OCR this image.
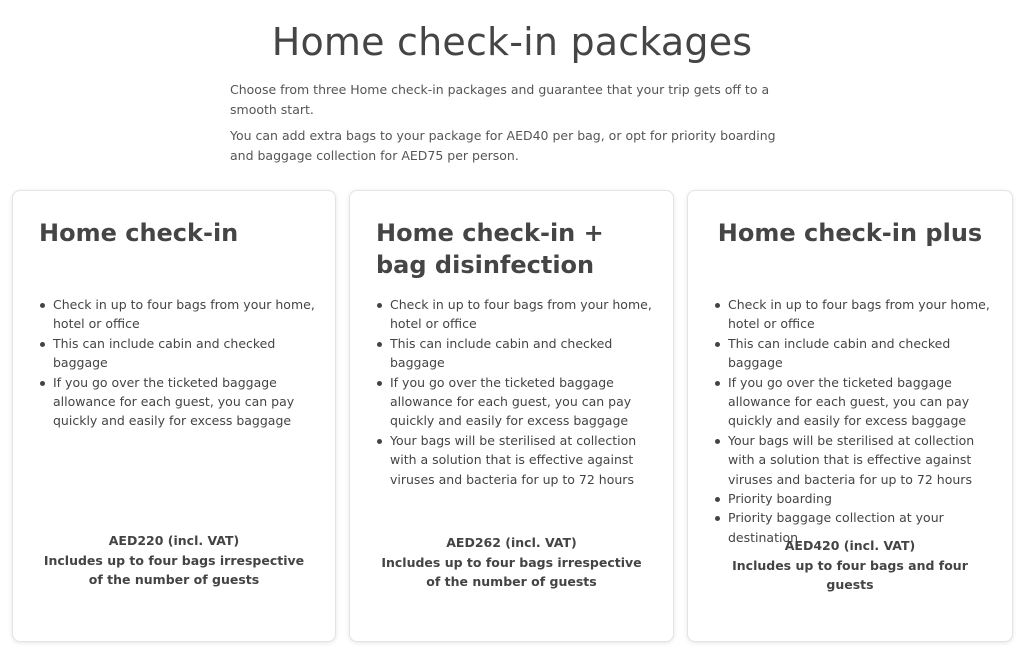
Home check-in packages

Choose from three Home check-in packages and guarantee that your trip gets off to a smooth start.

You can add extra bags to your package for AED40 per bag, or opt for priority boarding and baggage collection for AED75 per person.

Home check-in
Check in up to four bags from your home, hotel or office
This can include cabin and checked baggage
If you go over the ticketed baggage allowance for each guest, you can pay quickly and easily for excess baggage
AED220 (incl. VAT)
Includes up to four bags irrespective of the number of guests
Home check-in + bag disinfection
Check in up to four bags from your home, hotel or office
This can include cabin and checked baggage
If you go over the ticketed baggage allowance for each guest, you can pay quickly and easily for excess baggage
Your bags will be sterilised at collection with a solution that is effective against viruses and bacteria for up to 72 hours
AED262 (incl. VAT)
Includes up to four bags irrespective of the number of guests
Home check-in plus
Check in up to four bags from your home, hotel or office
This can include cabin and checked baggage
If you go over the ticketed baggage allowance for each guest, you can pay quickly and easily for excess baggage
Your bags will be sterilised at collection with a solution that is effective against viruses and bacteria for up to 72 hours
Priority boarding
Priority baggage collection at your destination
AED420 (incl. VAT)
Includes up to four bags and four guests
